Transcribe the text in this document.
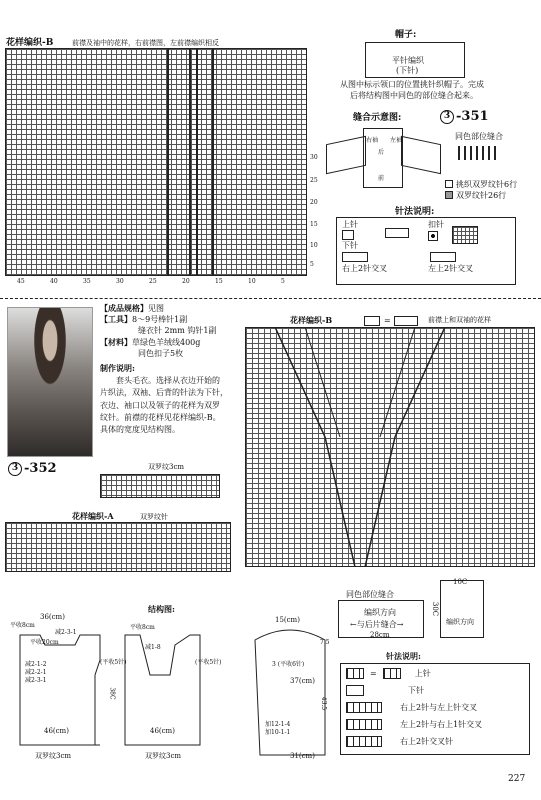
花样编织-B	前襟及袖中的花样，右前襟图，左前襟编织相反
30
25
20
15
10
5
45	40	35	30	25	20	15	10	5
帽子:
平针编织
(下针)
从图中标示领口的位置挑针织帽子。完成
后将结构图中同色的部位缝合起来。
缝合示意图:	3 -351
右袖 左袖
前
后
同色部位缝合
挑织双罗纹针6行
双罗纹针26行
针法说明:
上针
下针
扣针
右上2针交叉	左上2针交叉
【成品规格】见图
【工具】8～9号棒针1副
缝衣针 2mm 钩针1副
【材料】草绿色羊绒线400g
同色扣子5枚
制作说明:
套头毛衣。选择从衣边开始的
片织法，双袖、后背的针法为下针，
衣边、袖口以及领子的花样为双罗
纹针。前襟的花样见花样编织-B。
具体的宽度见结构图。
3 -352	双罗纹3cm
花样编织-A	双罗纹针
花样编织-B	=	前襟上和双袖的花样
同色部位缝合
编织方向
←与后片缝合→
28cm
30C
10C
编织方向
结构图:
36(cm)
平收8cm
减2-3-1
平收20cm
减2-1-2
减2-2-1
减2-3-1
38C
46(cm)
双罗纹3cm
平收8cm
减1-8
(平收5针)	(平收5针)
15(cm)
3 (平收6针)
37(cm)
加12-1-4
加10-1-1
43.5
7.5
31(cm)
46(cm)
双罗纹3cm
针法说明:
=	上针
下针
右上2针与左上针交叉
左上2针与右上1针交叉
右上2针交叉针
227
